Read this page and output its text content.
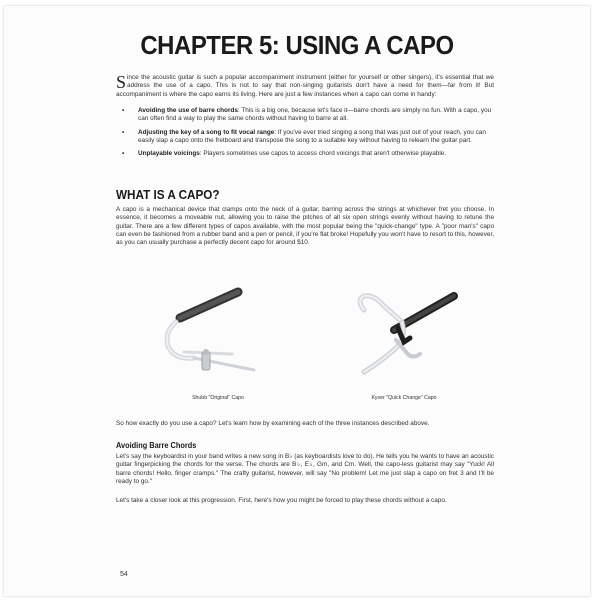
CHAPTER 5: USING A CAPO
Since the acoustic guitar is such a popular accompaniment instrument (either for yourself or other singers), it's essential that we address the use of a capo. This is not to say that non-singing guitarists don't have a need for them—far from it! But accompaniment is where the capo earns its living. Here are just a few instances when a capo can come in handy:
• Avoiding the use of barre chords: This is a big one, because let's face it—barre chords are simply no fun. With a capo, you can often find a way to play the same chords without having to barre at all.
• Adjusting the key of a song to fit vocal range: If you've ever tried singing a song that was just out of your reach, you can easily slap a capo onto the fretboard and transpose the song to a suitable key without having to relearn the guitar part.
• Unplayable voicings: Players sometimes use capos to access chord voicings that aren't otherwise playable.
WHAT IS A CAPO?
A capo is a mechanical device that clamps onto the neck of a guitar, barring across the strings at whichever fret you choose. In essence, it becomes a moveable nut, allowing you to raise the pitches of all six open strings evenly without having to retune the guitar. There are a few different types of capos available, with the most popular being the "quick-change" type. A "poor man's" capo can even be fashioned from a rubber band and a pen or pencil, if you're flat broke! Hopefully you won't have to resort to this, however, as you can usually purchase a perfectly decent capo for around $10.
Shubb "Original" Capo	Kyser "Quick Change" Capo
So how exactly do you use a capo? Let's learn how by examining each of the three instances described above.
Avoiding Barre Chords
Let's say the keyboardist in your band writes a new song in B♭ (as keyboardists love to do). He tells you he wants to have an acoustic guitar fingerpicking the chords for the verse. The chords are B♭, E♭, Gm, and Cm. Well, the capo-less guitarist may say "Yuck! All barre chords! Hello, finger cramps." The crafty guitarist, however, will say "No problem! Let me just slap a capo on fret 3 and I'll be ready to go."
Let's take a closer look at this progression. First, here's how you might be forced to play these chords without a capo.
54
